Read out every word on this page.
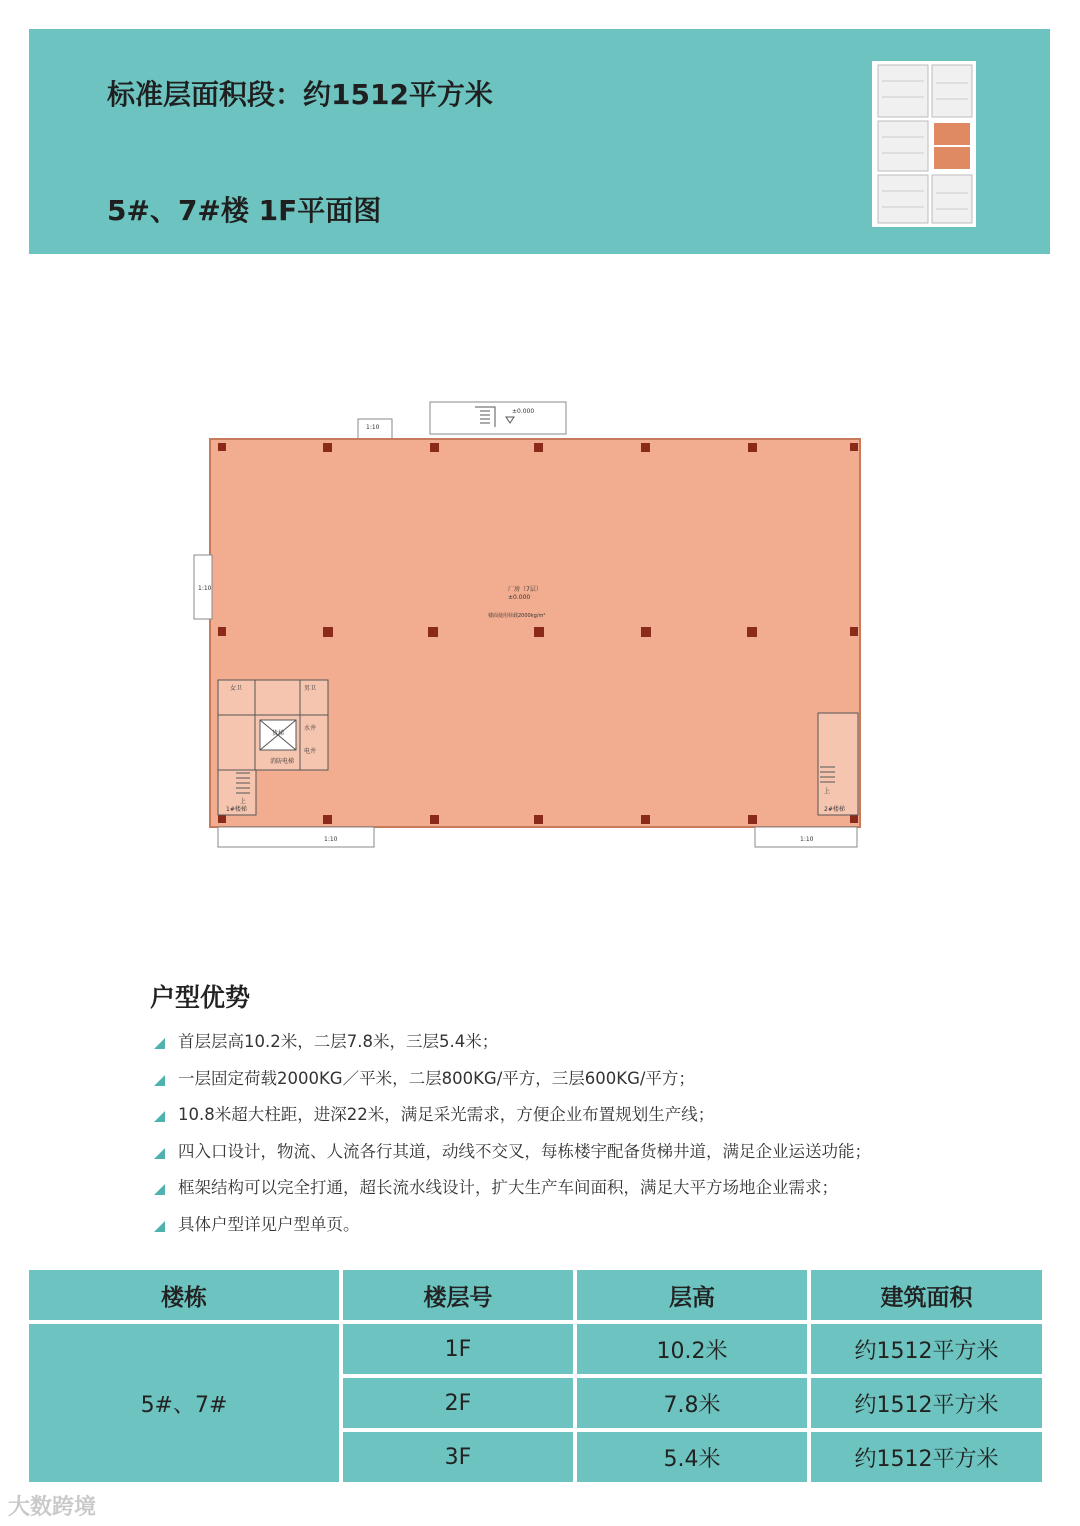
标准层面积段：约1512平方米
5#、7#楼 1F平面图
±0.000
1:10
1:10	厂房（7层）
±0.000
楼面使用荷载2000kg/m²
女卫	男卫
货梯
消防电梯
水井
电井
上
1#楼梯
上
2#楼梯
1:10	1:10
户型优势
首层层高10.2米，二层7.8米，三层5.4米；
一层固定荷载2000KG／平米，二层800KG/平方，三层600KG/平方；
10.8米超大柱距，进深22米，满足采光需求，方便企业布置规划生产线；
四入口设计，物流、人流各行其道，动线不交叉，每栋楼宇配备货梯井道，满足企业运送功能；
框架结构可以完全打通，超长流水线设计，扩大生产车间面积，满足大平方场地企业需求；
具体户型详见户型单页。
楼栋	楼层号	层高	建筑面积
5#、7#	1F	10.2米	约1512平方米
	2F	7.8米	约1512平方米
	3F	5.4米	约1512平方米
大数跨境
